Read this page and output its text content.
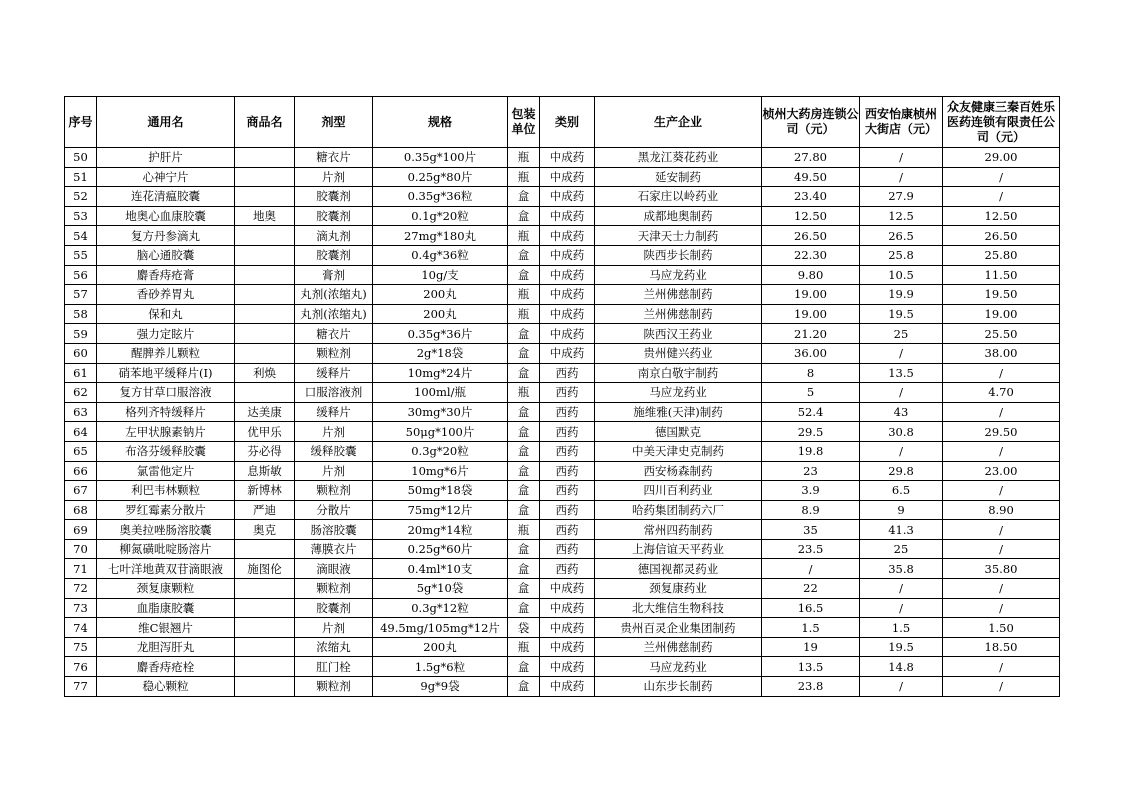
序号	通用名	商品名	剂型	规格	包装单位	类别	生产企业	桢州大药房连锁公司（元）	西安怡康桢州大街店（元）	众友健康三秦百姓乐医药连锁有限责任公司（元）
50	护肝片		糖衣片	0.35g*100片	瓶	中成药	黑龙江葵花药业	27.80	/	29.00
51	心神宁片		片剂	0.25g*80片	瓶	中成药	延安制药	49.50	/	/
52	连花清瘟胶囊		胶囊剂	0.35g*36粒	盒	中成药	石家庄以岭药业	23.40	27.9	/
53	地奥心血康胶囊	地奥	胶囊剂	0.1g*20粒	盒	中成药	成都地奥制药	12.50	12.5	12.50
54	复方丹参滴丸		滴丸剂	27mg*180丸	瓶	中成药	天津天士力制药	26.50	26.5	26.50
55	脑心通胶囊		胶囊剂	0.4g*36粒	盒	中成药	陕西步长制药	22.30	25.8	25.80
56	麝香痔疮膏		膏剂	10g/支	盒	中成药	马应龙药业	9.80	10.5	11.50
57	香砂养胃丸		丸剂(浓缩丸)	200丸	瓶	中成药	兰州佛慈制药	19.00	19.9	19.50
58	保和丸		丸剂(浓缩丸)	200丸	瓶	中成药	兰州佛慈制药	19.00	19.5	19.00
59	强力定眩片		糖衣片	0.35g*36片	盒	中成药	陕西汉王药业	21.20	25	25.50
60	醒脾养儿颗粒		颗粒剂	2g*18袋	盒	中成药	贵州健兴药业	36.00	/	38.00
61	硝苯地平缓释片(Ⅰ)	利焕	缓释片	10mg*24片	盒	西药	南京白敬宇制药	8	13.5	/
62	复方甘草口服溶液		口服溶液剂	100ml/瓶	瓶	西药	马应龙药业	5	/	4.70
63	格列齐特缓释片	达美康	缓释片	30mg*30片	盒	西药	施维雅(天津)制药	52.4	43	/
64	左甲状腺素钠片	优甲乐	片剂	50μg*100片	盒	西药	德国默克	29.5	30.8	29.50
65	布洛芬缓释胶囊	芬必得	缓释胶囊	0.3g*20粒	盒	西药	中美天津史克制药	19.8	/	/
66	氯雷他定片	息斯敏	片剂	10mg*6片	盒	西药	西安杨森制药	23	29.8	23.00
67	利巴韦林颗粒	新博林	颗粒剂	50mg*18袋	盒	西药	四川百利药业	3.9	6.5	/
68	罗红霉素分散片	严迪	分散片	75mg*12片	盒	西药	哈药集团制药六厂	8.9	9	8.90
69	奥美拉唑肠溶胶囊	奥克	肠溶胶囊	20mg*14粒	瓶	西药	常州四药制药	35	41.3	/
70	柳氮磺吡啶肠溶片		薄膜衣片	0.25g*60片	盒	西药	上海信谊天平药业	23.5	25	/
71	七叶洋地黄双苷滴眼液	施图伦	滴眼液	0.4ml*10支	盒	西药	德国视都灵药业	/	35.8	35.80
72	颈复康颗粒		颗粒剂	5g*10袋	盒	中成药	颈复康药业	22	/	/
73	血脂康胶囊		胶囊剂	0.3g*12粒	盒	中成药	北大维信生物科技	16.5	/	/
74	维C银翘片		片剂	49.5mg/105mg*12片	袋	中成药	贵州百灵企业集团制药	1.5	1.5	1.50
75	龙胆泻肝丸		浓缩丸	200丸	瓶	中成药	兰州佛慈制药	19	19.5	18.50
76	麝香痔疮栓		肛门栓	1.5g*6粒	盒	中成药	马应龙药业	13.5	14.8	/
77	稳心颗粒		颗粒剂	9g*9袋	盒	中成药	山东步长制药	23.8	/	/
